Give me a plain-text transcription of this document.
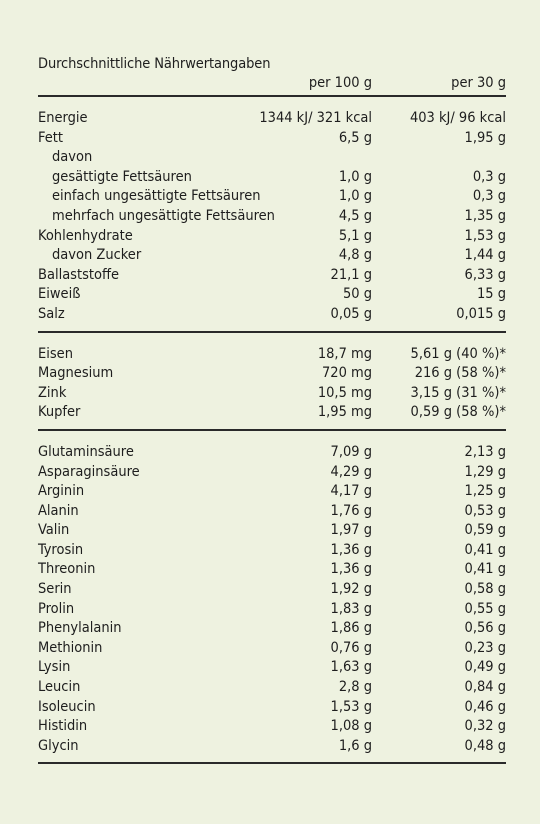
Durchschnittliche Nährwertangaben
per 100 g	per 30 g
Energie	1344 kJ/ 321 kcal	403 kJ/ 96 kcal
Fett	6,5 g	1,95 g
davon
gesättigte Fettsäuren	1,0 g	0,3 g
einfach ungesättigte Fettsäuren	1,0 g	0,3 g
mehrfach ungesättigte Fettsäuren	4,5 g	1,35 g
Kohlenhydrate	5,1 g	1,53 g
davon Zucker	4,8 g	1,44 g
Ballaststoffe	21,1 g	6,33 g
Eiweiß	50 g	15 g
Salz	0,05 g	0,015 g
Eisen	18,7 mg	5,61 g (40 %)*
Magnesium	720 mg	216 g (58 %)*
Zink	10,5 mg	3,15 g (31 %)*
Kupfer	1,95 mg	0,59 g (58 %)*
Glutaminsäure	7,09 g	2,13 g
Asparaginsäure	4,29 g	1,29 g
Arginin	4,17 g	1,25 g
Alanin	1,76 g	0,53 g
Valin	1,97 g	0,59 g
Tyrosin	1,36 g	0,41 g
Threonin	1,36 g	0,41 g
Serin	1,92 g	0,58 g
Prolin	1,83 g	0,55 g
Phenylalanin	1,86 g	0,56 g
Methionin	0,76 g	0,23 g
Lysin	1,63 g	0,49 g
Leucin	2,8 g	0,84 g
Isoleucin	1,53 g	0,46 g
Histidin	1,08 g	0,32 g
Glycin	1,6 g	0,48 g
